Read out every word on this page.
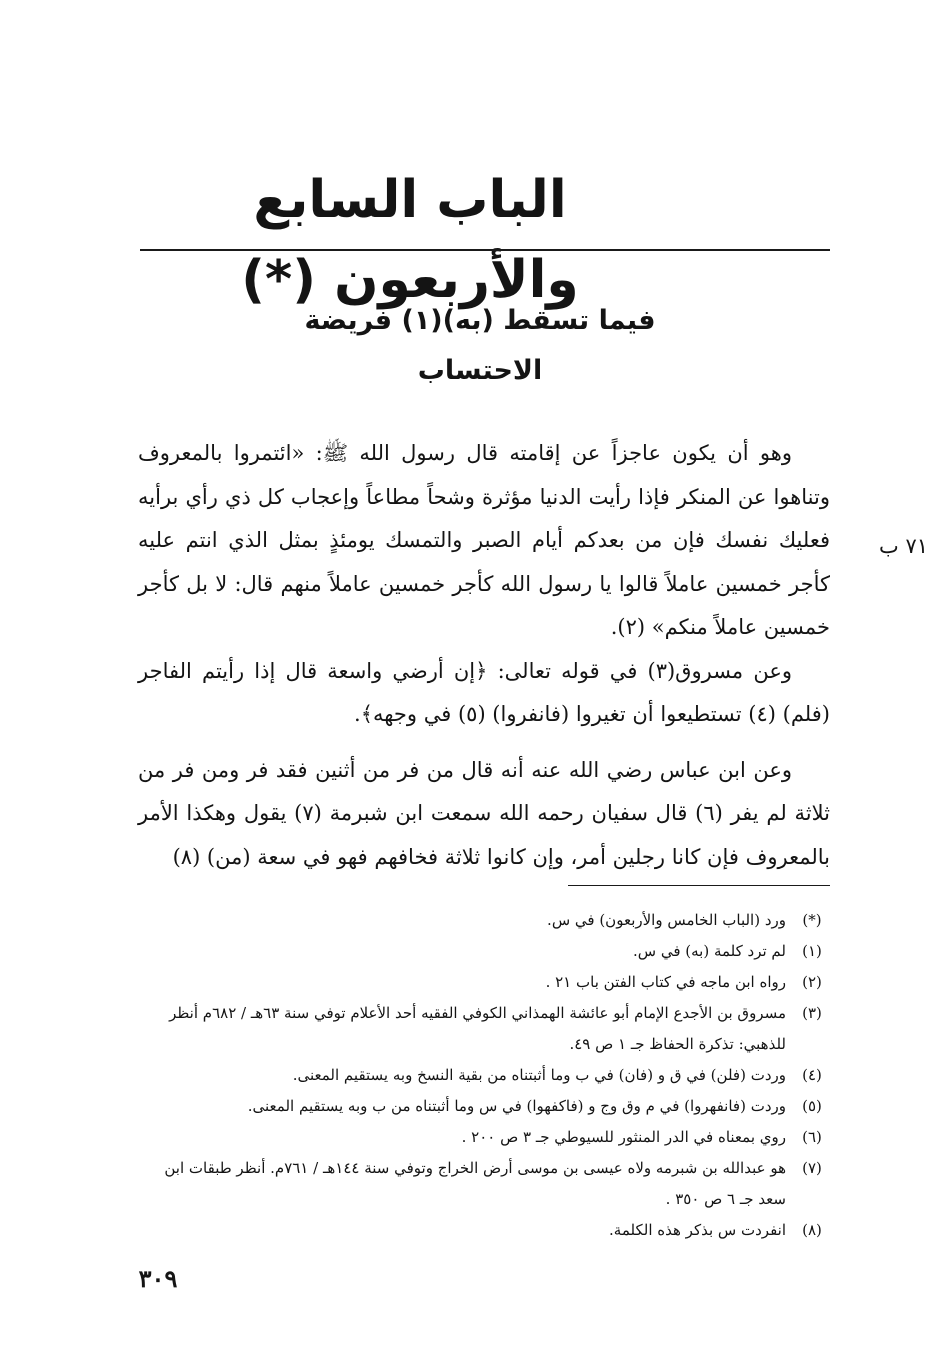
الباب السابع والأربعون (*)
فيما تسقط (به)(١) فريضة الاحتساب
٧١ ب

وهو أن يكون عاجزاً عن إقامته قال رسول الله ﷺ: «ائتمروا بالمعروف وتناهوا عن المنكر فإذا رأيت الدنيا مؤثرة وشحاً مطاعاً وإعجاب كل ذي رأي برأيه فعليك نفسك فإن من بعدكم أيام الصبر والتمسك يومئذٍ بمثل الذي انتم عليه كأجر خمسين عاملاً قالوا يا رسول الله كأجر خمسين عاملاً منهم قال: لا بل كأجر خمسين عاملاً منكم» (٢).

وعن مسروق(٣) في قوله تعالى: ﴿إن أرضي واسعة قال إذا رأيتم الفاجر (فلم) (٤) تستطيعوا أن تغيروا (فانفروا) (٥) في وجهه﴾.

وعن ابن عباس رضي الله عنه أنه قال من فر من أثنين فقد فر ومن فر من ثلاثة لم يفر (٦) قال سفيان رحمه الله سمعت ابن شبرمة (٧) يقول وهكذا الأمر بالمعروف فإن كانا رجلين أمر، وإن كانوا ثلاثة فخافهم فهو في سعة (من) (٨)

(*)
ورد (الباب الخامس والأربعون) في س.
(١)
لم ترد كلمة (به) في س.
(٢)
رواه ابن ماجه في كتاب الفتن باب ٢١ .
(٣)
مسروق بن الأجدع الإمام أبو عائشة الهمذاني الكوفي الفقيه أحد الأعلام توفي سنة ٦٣هـ / ٦٨٢م أنظر للذهبي: تذكرة الحفاظ جـ ١ ص ٤٩.
(٤)
وردت (فلن) في ق و (فان) في ب وما أثبتناه من بقية النسخ وبه يستقيم المعنى.
(٥)
وردت (فانفهروا) في م وق وج و (فاكفهوا) في س وما أثبتناه من ب وبه يستقيم المعنى.
(٦)
روي بمعناه في الدر المنثور للسيوطي جـ ٣ ص ٢٠٠ .
(٧)
هو عبدالله بن شبرمه ولاه عيسى بن موسى أرض الخراج وتوفي سنة ١٤٤هـ / ٧٦١م. أنظر طبقات ابن سعد جـ ٦ ص ٣٥٠ .
(٨)
انفردت س بذكر هذه الكلمة.
٣٠٩
